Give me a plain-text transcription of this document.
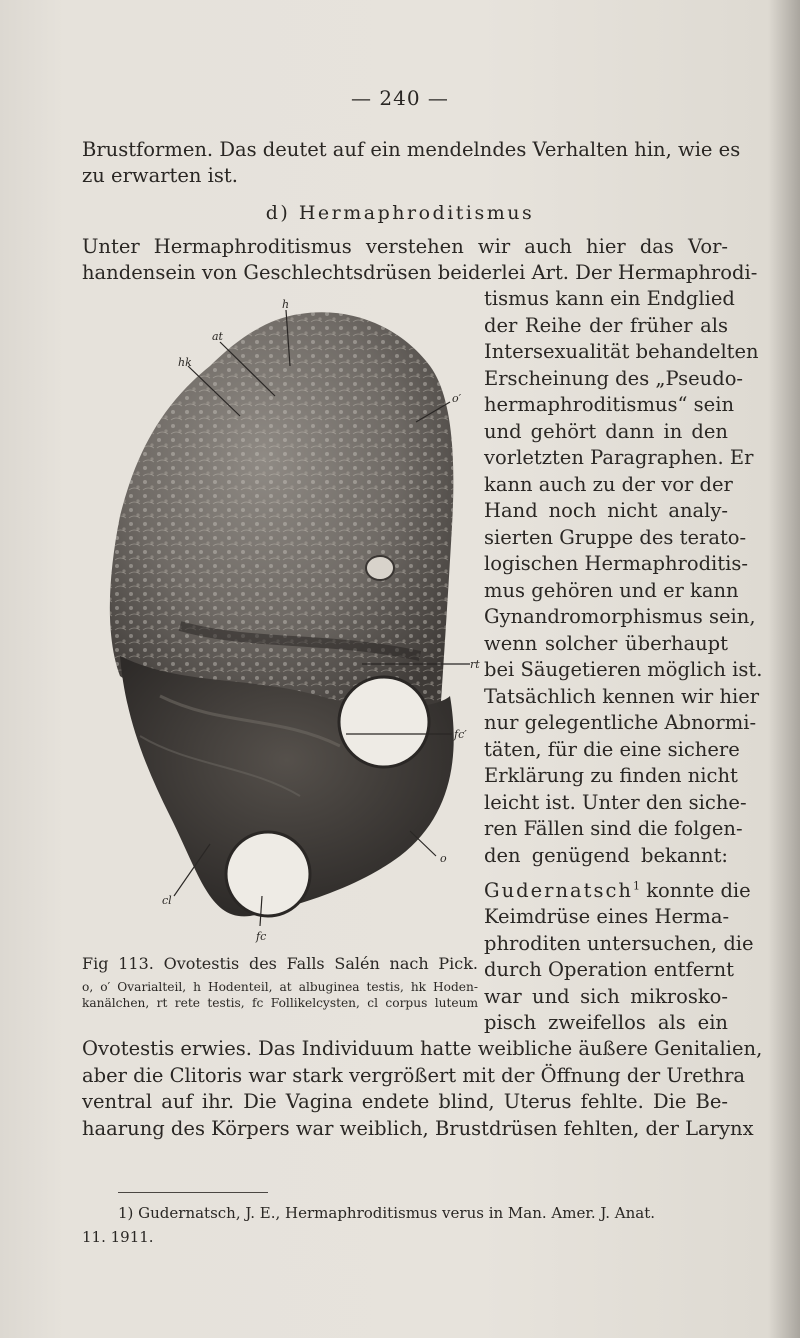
— 240 —
Brustformen. Das deutet auf ein mendelndes Verhalten hin, wie es
zu erwarten ist.
d) Hermaphroditismus
Unter Hermaphroditismus verstehen wir auch hier das Vor-
handensein von Geschlechtsdrüsen beiderlei Art. Der Hermaphrodi-
tismus kann ein Endglied
der Reihe der früher als
Intersexualität behandelten
Erscheinung des „Pseudo-
hermaphroditismus“ sein
und gehört dann in den
vorletzten Paragraphen. Er
kann auch zu der vor der
Hand noch nicht analy-
sierten Gruppe des terato-
logischen Hermaphroditis-
mus gehören und er kann
Gynandromorphismus sein,
wenn solcher überhaupt
bei Säugetieren möglich ist.
Tatsächlich kennen wir hier
nur gelegentliche Abnormi-
täten, für die eine sichere
Erklärung zu finden nicht
leicht ist. Unter den siche-
ren Fällen sind die folgen-
den genügend bekannt:
Gudernatsch$^1$ konnte die
Keimdrüse eines Herma-
phroditen untersuchen, die
durch Operation entfernt
war und sich mikrosko-
pisch zweifellos als ein
h
at
hk
o′
rt
fc′
o
cl
fc
Fig 113. Ovotestis des Falls Salén nach Pick.
o, o′ Ovarialteil, h Hodenteil, at albuginea testis, hk Hoden-
kanälchen, rt rete testis, fc Follikelcysten, cl corpus luteum
Ovotestis erwies. Das Individuum hatte weibliche äußere Genitalien,
aber die Clitoris war stark vergrößert mit der Öffnung der Urethra
ventral auf ihr. Die Vagina endete blind, Uterus fehlte. Die Be-
haarung des Körpers war weiblich, Brustdrüsen fehlten, der Larynx
1) Gudernatsch, J. E., Hermaphroditismus verus in Man. Amer. J. Anat.
11. 1911.
